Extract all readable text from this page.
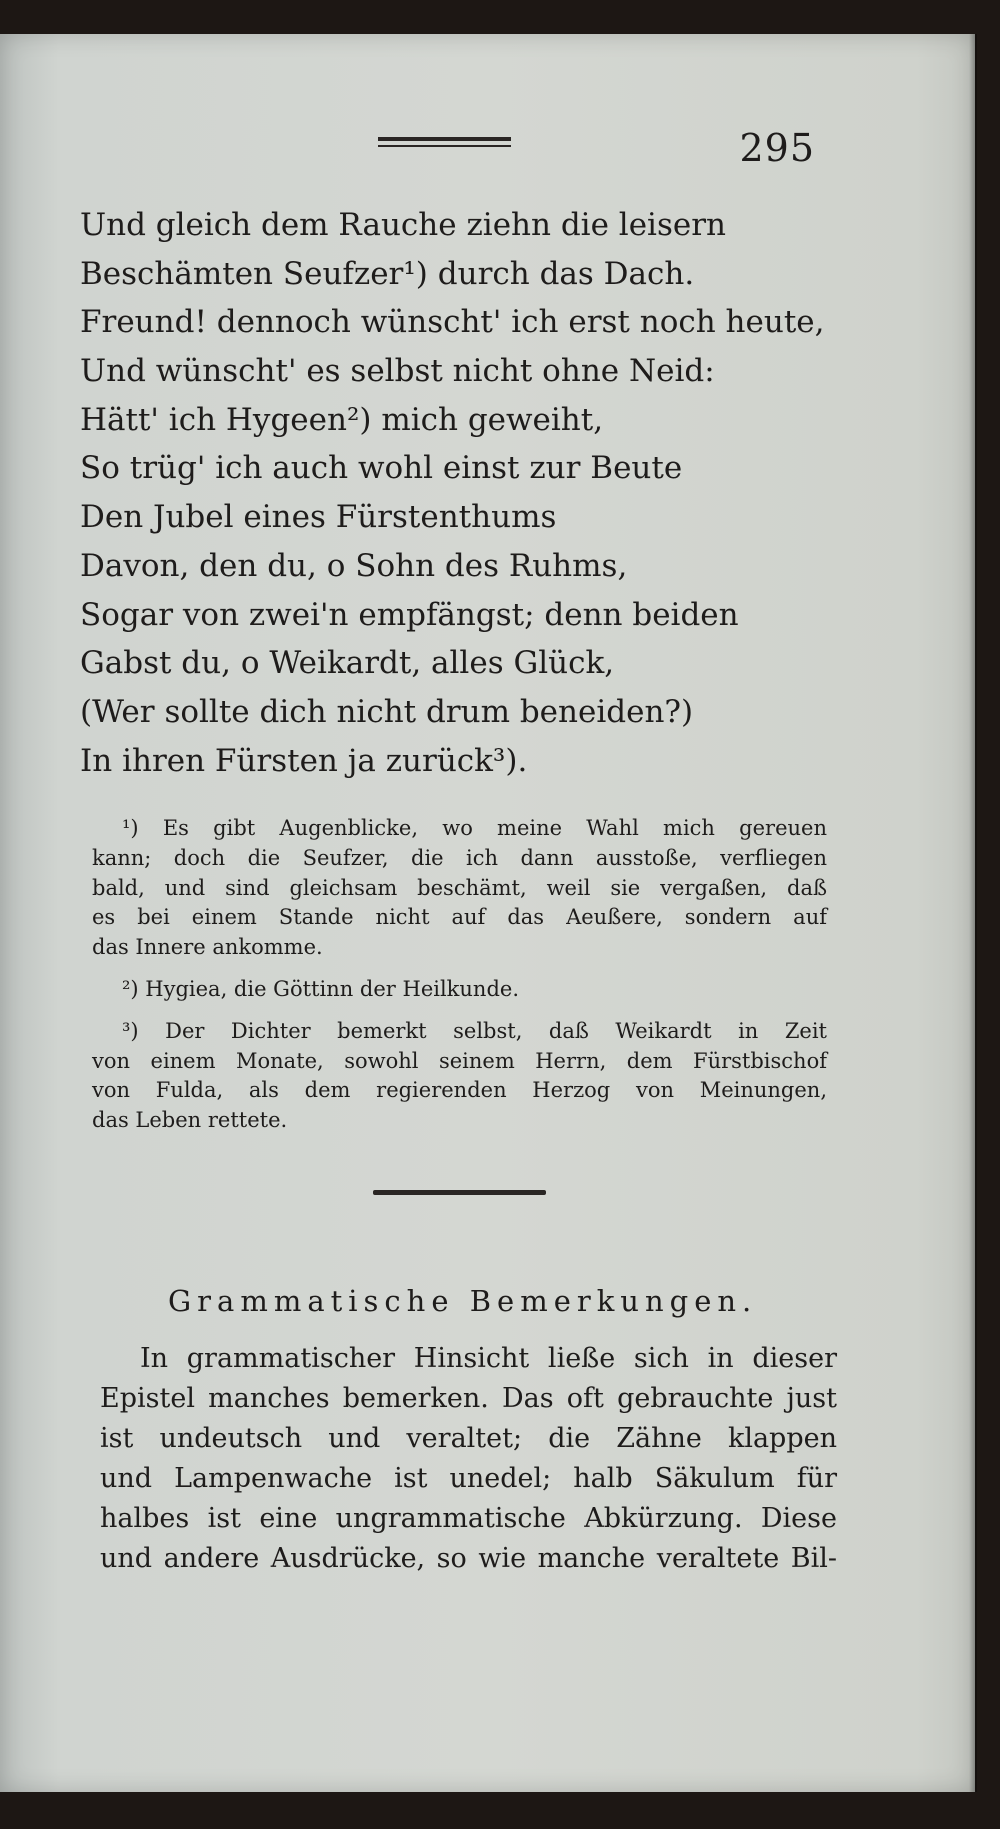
295
Und gleich dem Rauche ziehn die leisern
Beschämten Seufzer¹) durch das Dach.
Freund! dennoch wünscht' ich erst noch heute,
Und wünscht' es selbst nicht ohne Neid:
Hätt' ich Hygeen²) mich geweiht,
So trüg' ich auch wohl einst zur Beute
Den Jubel eines Fürstenthums
Davon, den du, o Sohn des Ruhms,
Sogar von zwei'n empfängst; denn beiden
Gabst du, o Weikardt, alles Glück,
(Wer sollte dich nicht drum beneiden?)
In ihren Fürsten ja zurück³).
¹) Es gibt Augenblicke, wo meine Wahl mich gereuen
kann; doch die Seufzer, die ich dann ausstoße, verfliegen
bald, und sind gleichsam beschämt, weil sie vergaßen, daß
es bei einem Stande nicht auf das Aeußere, sondern auf
das Innere ankomme.
²) Hygiea, die Göttinn der Heilkunde.
³) Der Dichter bemerkt selbst, daß Weikardt in Zeit
von einem Monate, sowohl seinem Herrn, dem Fürstbischof
von Fulda, als dem regierenden Herzog von Meinungen,
das Leben rettete.
Grammatische Bemerkungen.
In grammatischer Hinsicht ließe sich in dieser
Epistel manches bemerken. Das oft gebrauchte just
ist undeutsch und veraltet; die Zähne klappen
und Lampenwache ist unedel; halb Säkulum für
halbes ist eine ungrammatische Abkürzung. Diese
und andere Ausdrücke, so wie manche veraltete Bil-
